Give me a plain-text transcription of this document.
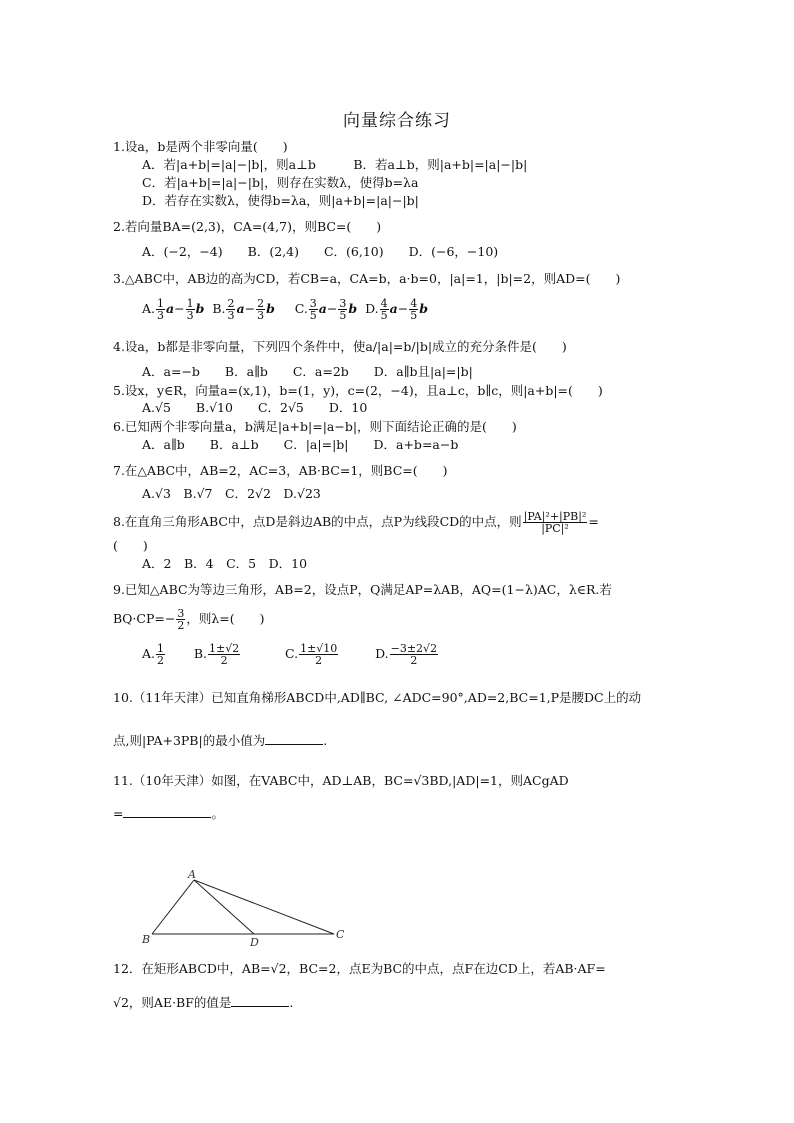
向量综合练习
1.设a，b是两个非零向量(　　)
A．若|a+b|=|a|−|b|，则a⊥b　　　B．若a⊥b，则|a+b|=|a|−|b|
C．若|a+b|=|a|−|b|，则存在实数λ，使得b=λa
D．若存在实数λ，使得b=λa，则|a+b|=|a|−|b|
2.若向量BA=(2,3)，CA=(4,7)，则BC=(　　)
A．(−2，−4)　　B．(2,4)　　C．(6,10)　　D．(−6，−10)
3.△ABC中，AB边的高为CD，若CB=a，CA=b，a·b=0，|a|=1，|b|=2，则AD=(　　)
A. $\frac{1}{3} a- \frac{1}{3}$ b B. $\frac{2}{3} a- \frac{2}{3}$ b C. $\frac{3}{5} a- \frac{3}{5}$ b D. $\frac{4}{5} a- \frac{4}{5}$ b
4.设a，b都是非零向量，下列四个条件中，使a/|a|=b/|b|成立的充分条件是(　　)
A．a=−b　　B．a∥b　　C．a=2b　　D．a∥b且|a|=|b|
5.设x，y∈R，向量a=(x,1)，b=(1，y)，c=(2，−4)，且a⊥c，b∥c，则|a+b|=(　　)
A.√5　　B.√10　　C．2√5　　D．10
6.已知两个非零向量a，b满足|a+b|=|a−b|，则下面结论正确的是(　　)
A．a∥b　　B．a⊥b　　C．|a|=|b|　　D．a+b=a−b
7.在△ABC中，AB=2，AC=3，AB·BC=1，则BC=(　　)
A.√3　B.√7　C．2√2　D.√23
8.在直角三角形ABC中，点D是斜边AB的中点，点P为线段CD的中点，则 $\frac{\text{|PA|²+|PB|²}}{\text{|PC|²}}$ =
(　　)
A．2　B．4　C．5　D．10
9.已知△ABC为等边三角形，AB=2，设点P，Q满足AP=λAB，AQ=(1−λ)AC，λ∈R.若
$BQ\cdot CP=- \frac{3}{2}$ ，则λ=(　　)
A. $\frac{1}{2} B$. $\frac{1\pm√2}{2}$	C. $\frac{1\pm√10}{2}$	D. $\frac{-3\pm 2√2}{2}$
10.（11年天津）已知直角梯形ABCD中,AD∥BC, ∠ADC=90°,AD=2,BC=1,P是腰DC上的动
点,则|PA+3PB|的最小值为	.
11.（10年天津）如图，在VABC中，AD⊥AB，BC=√3BD,|AD|=1，则ACgAD
=	。
A
B	D
C
12．在矩形ABCD中，AB=√2，BC=2，点E为BC的中点，点F在边CD上，若AB·AF=
√2，则AE·BF的值是	.
